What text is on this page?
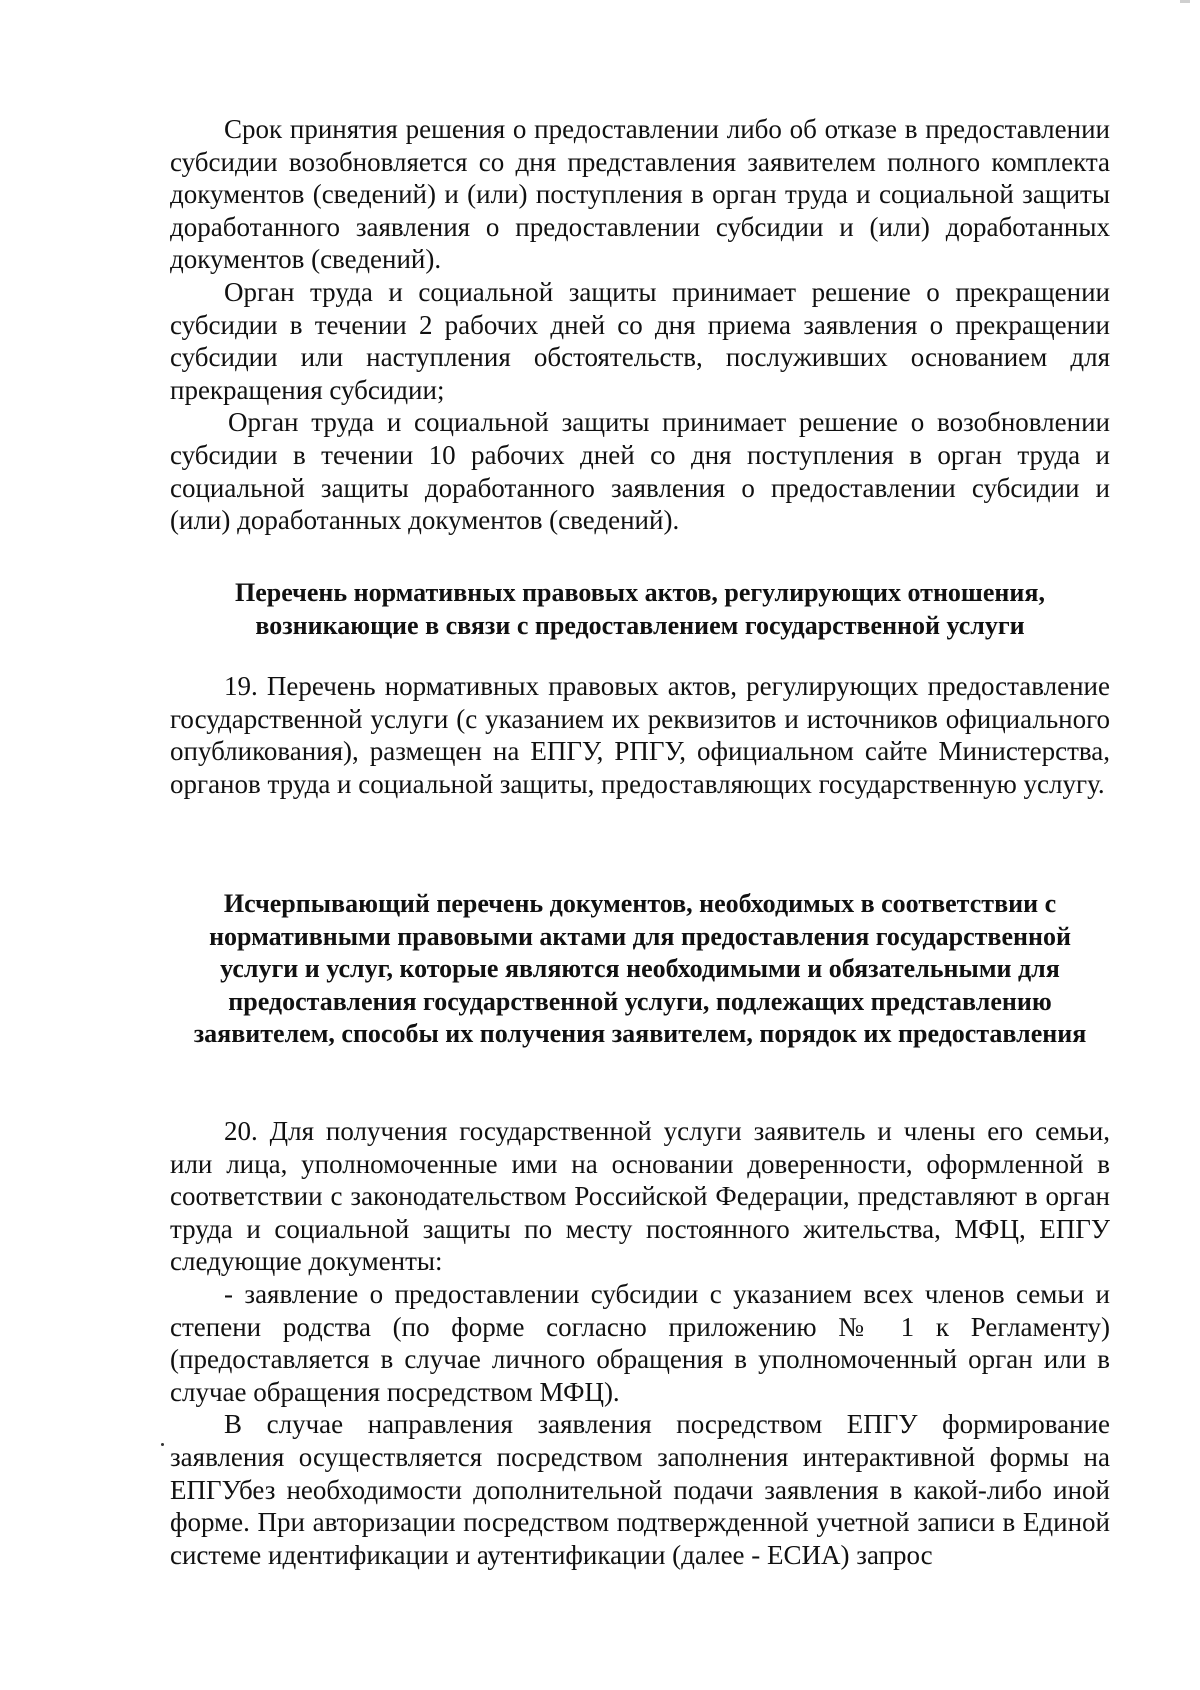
Срок принятия решения о предоставлении либо об отказе в предоставлении субсидии возобновляется со дня представления заявителем полного комплекта документов (сведений) и (или) поступления в орган труда и социальной защиты доработанного заявления о предоставлении субсидии и (или) доработанных документов (сведений).

Орган труда и социальной защиты принимает решение о прекращении субсидии в течении 2 рабочих дней со дня приема заявления о прекращении субсидии или наступления обстоятельств, послуживших основанием для прекращения субсидии;

Орган труда и социальной защиты принимает решение о возобновлении субсидии в течении 10 рабочих дней со дня поступления в орган труда и социальной защиты доработанного заявления о предоставлении субсидии и (или) доработанных документов (сведений).

Перечень нормативных правовых актов, регулирующих отношения, возникающие в связи с предоставлением государственной услуги

19. Перечень нормативных правовых актов, регулирующих предоставление государственной услуги (с указанием их реквизитов и источников официального опубликования), размещен на ЕПГУ, РПГУ, официальном сайте Министерства, органов труда и социальной защиты, предоставляющих государственную услугу.

Исчерпывающий перечень документов, необходимых в соответствии с нормативными правовыми актами для предоставления государственной услуги и услуг, которые являются необходимыми и обязательными для предоставления государственной услуги, подлежащих представлению заявителем, способы их получения заявителем, порядок их предоставления

20. Для получения государственной услуги заявитель и члены его семьи, или лица, уполномоченные ими на основании доверенности, оформленной в соответствии с законодательством Российской Федерации, представляют в орган труда и социальной защиты по месту постоянного жительства, МФЦ, ЕПГУ следующие документы:

- заявление о предоставлении субсидии с указанием всех членов семьи и степени родства (по форме согласно приложению № 1 к Регламенту) (предоставляется в случае личного обращения в уполномоченный орган или в случае обращения посредством МФЦ).

В случае направления заявления посредством ЕПГУ формирование заявления осуществляется посредством заполнения интерактивной формы на ЕПГУбез необходимости дополнительной подачи заявления в какой-либо иной форме. При авторизации посредством подтвержденной учетной записи в Единой системе идентификации и аутентификации (далее - ЕСИА) запрос
